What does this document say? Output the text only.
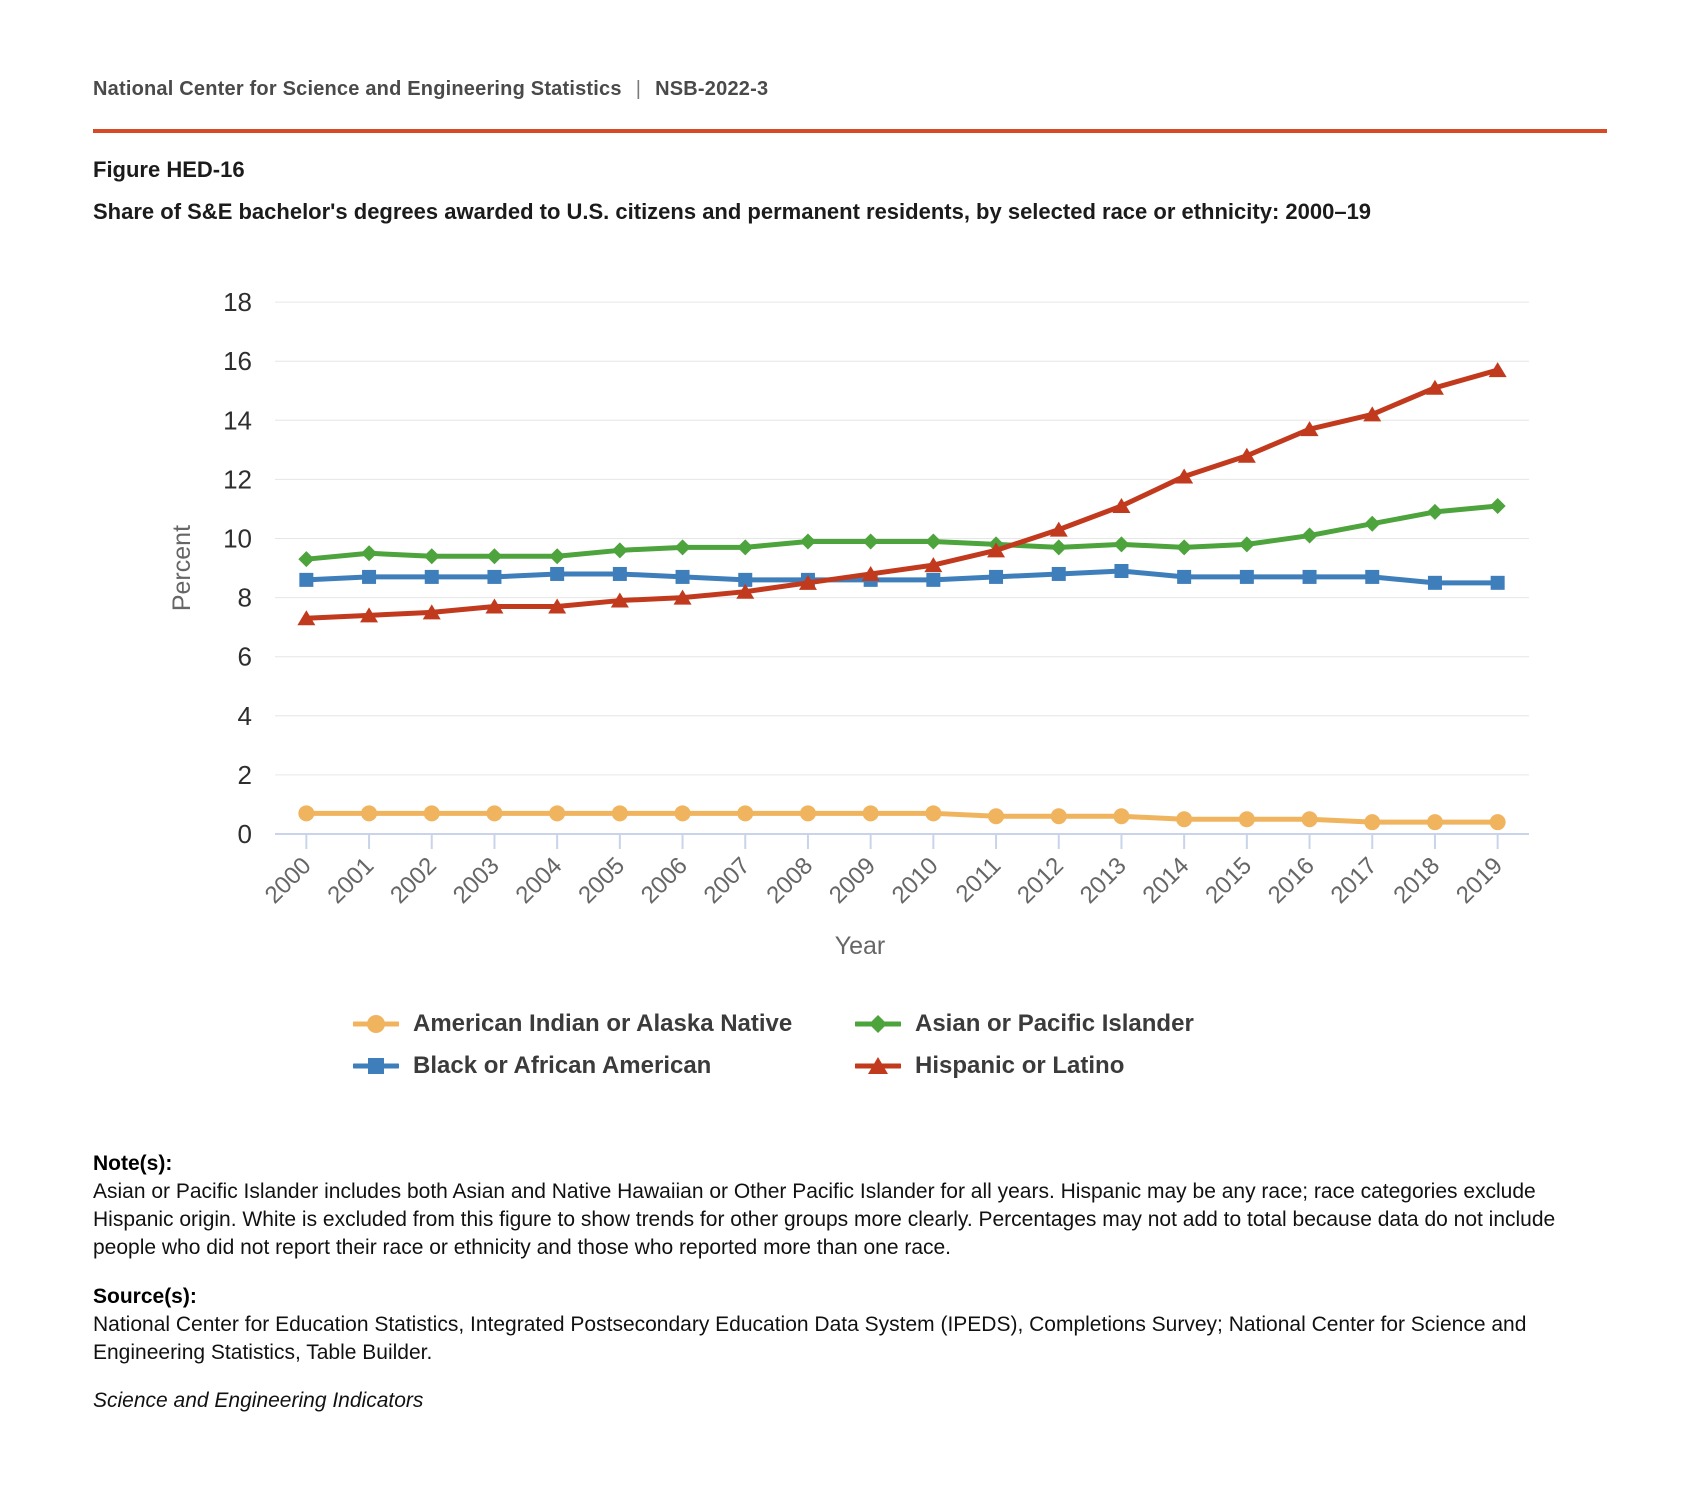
National Center for Science and Engineering Statistics | NSB-2022-3
Figure HED-16
Share of S&E bachelor's degrees awarded to U.S. citizens and permanent residents, by selected race or ethnicity: 2000–19
0
2
4
6
8
10
12
14
16
18
2000 2001 2002 2003 2004 2005 2006 2007 2008 2009 2010 2011 2012 2013 2014 2015 2016 2017 2018 2019
Percent
Year
American Indian or Alaska Native	Asian or Pacific Islander
Black or African American	Hispanic or Latino
Note(s):

Asian or Pacific Islander includes both Asian and Native Hawaiian or Other Pacific Islander for all years. Hispanic may be any race; race categories exclude Hispanic origin. White is excluded from this figure to show trends for other groups more clearly. Percentages may not add to total because data do not include people who did not report their race or ethnicity and those who reported more than one race.

Source(s):

National Center for Education Statistics, Integrated Postsecondary Education Data System (IPEDS), Completions Survey; National Center for Science and Engineering Statistics, Table Builder.

Science and Engineering Indicators
